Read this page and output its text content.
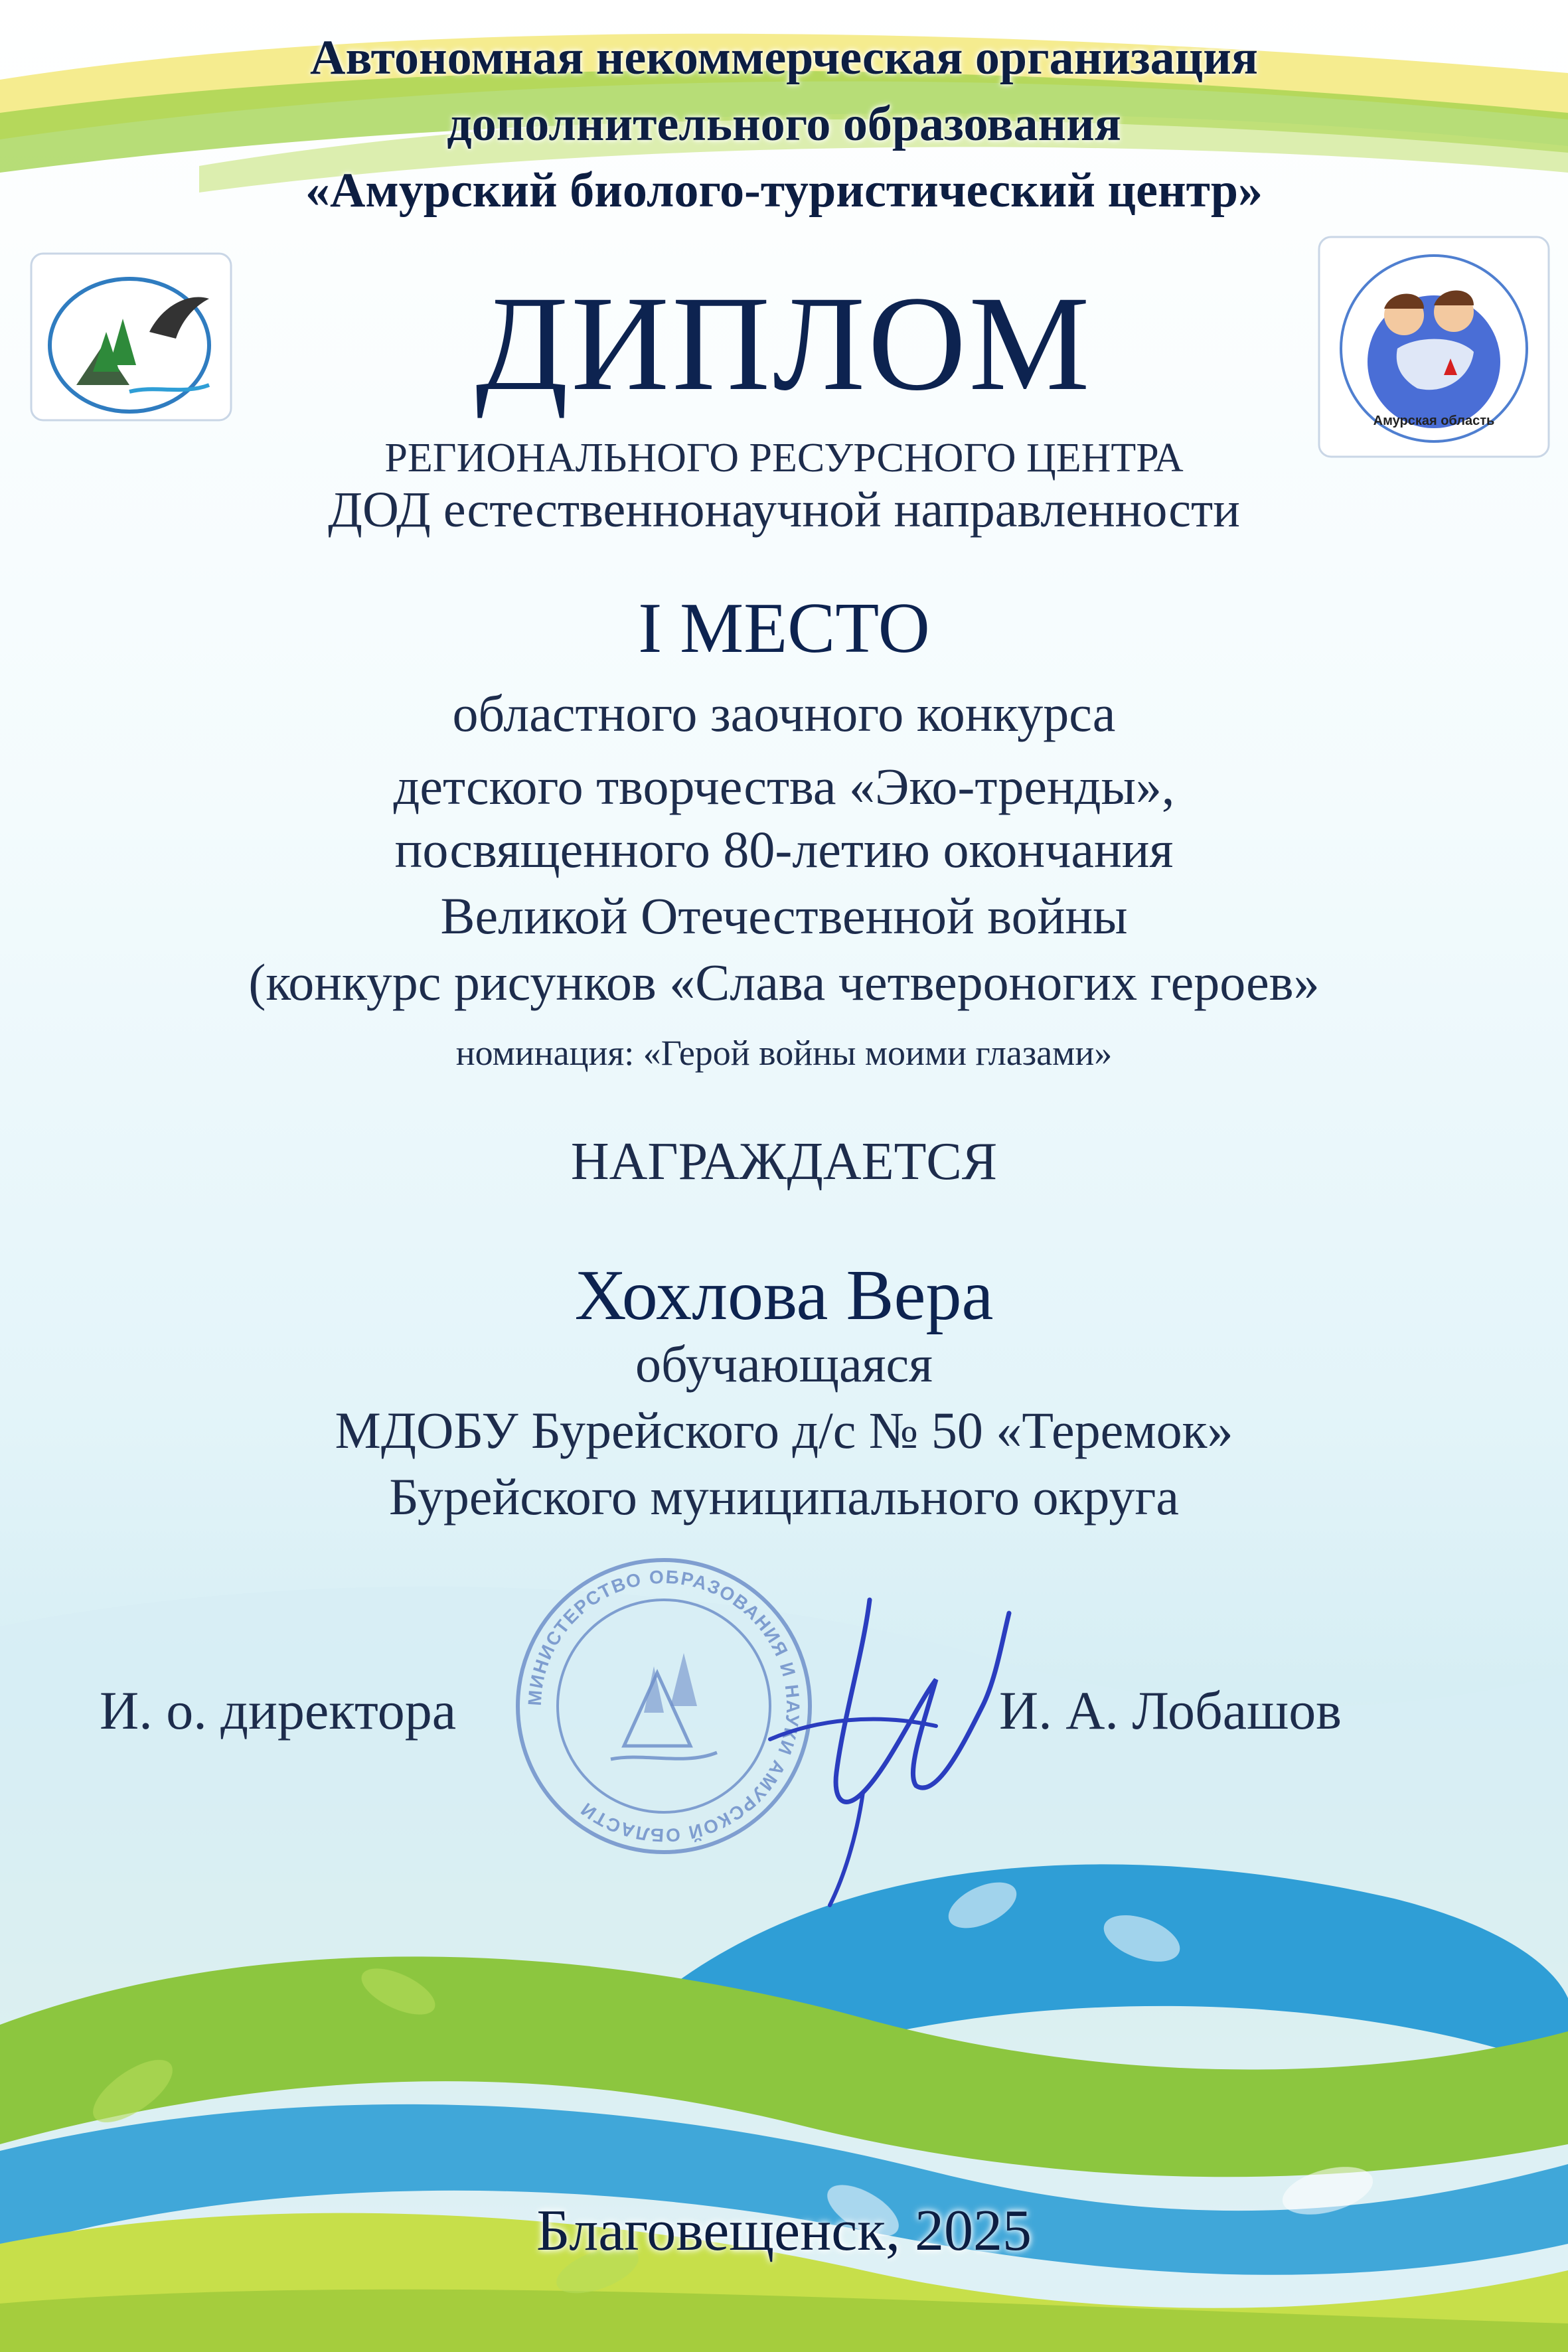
Автономная некоммерческая организация
дополнительного образования
«Амурский биолого-туристический центр»
Амурская область
ДИПЛОМ
РЕГИОНАЛЬНОГО РЕСУРСНОГО ЦЕНТРА
ДОД естественнонаучной направленности
I МЕСТО
областного заочного конкурса
детского творчества «Эко-тренды»,
посвященного 80-летию окончания
Великой Отечественной войны
(конкурс рисунков «Слава четвероногих героев»
номинация: «Герой войны моими глазами»
НАГРАЖДАЕТСЯ
Хохлова Вера
обучающаяся
МДОБУ Бурейского д/с № 50 «Теремок»
Бурейского муниципального округа
МИНИСТЕРСТВО ОБРАЗОВАНИЯ И НАУКИ АМУРСКОЙ ОБЛАСТИ
И. о. директора	И. А. Лобашов
Благовещенск, 2025
